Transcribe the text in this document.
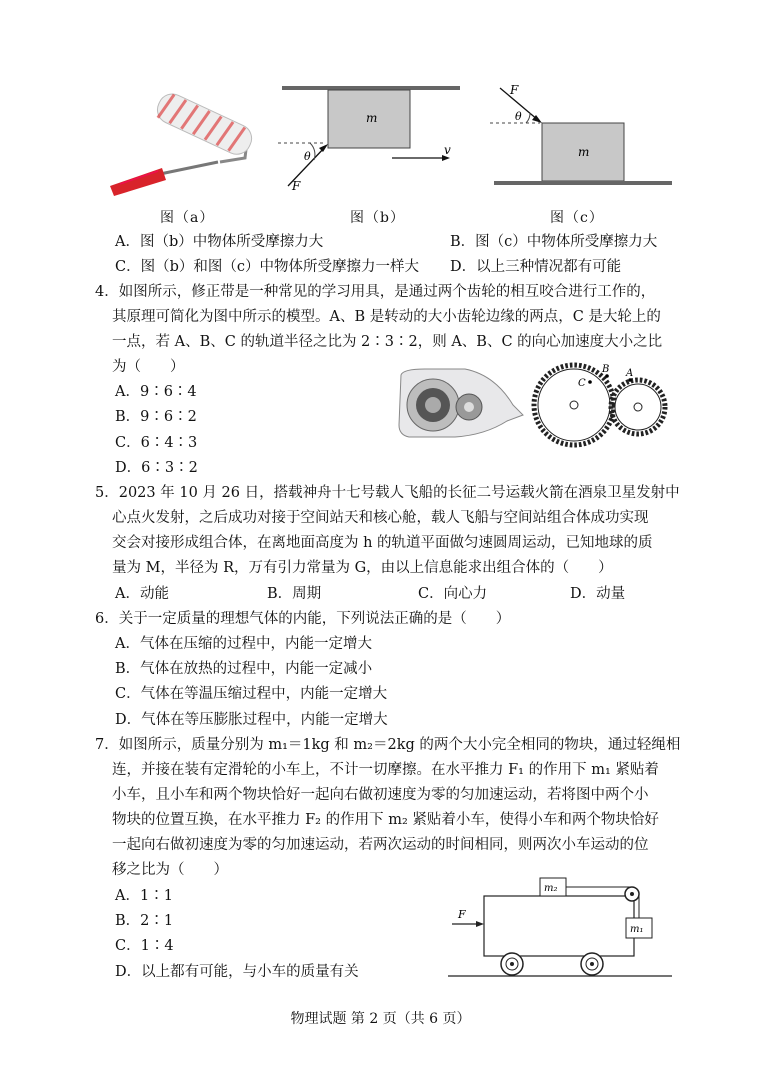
图（a）
m
θ
F
v
图（b）
F
θ
m
图（c）
A．图（b）中物体所受摩擦力大	B．图（c）中物体所受摩擦力大
C．图（b）和图（c）中物体所受摩擦力一样大 D．以上三种情况都有可能
4．如图所示，修正带是一种常见的学习用具，是通过两个齿轮的相互咬合进行工作的，
其原理可简化为图中所示的模型。A、B 是转动的大小齿轮边缘的两点，C 是大轮上的
一点，若 A、B、C 的轨道半径之比为 2∶3∶2，则 A、B、C 的向心加速度大小之比
为（　　）
A．9∶6∶4
B．9∶6∶2
C．6∶4∶3
D．6∶3∶2
C
B A
5．2023 年 10 月 26 日，搭载神舟十七号载人飞船的长征二号运载火箭在酒泉卫星发射中
心点火发射，之后成功对接于空间站天和核心舱，载人飞船与空间站组合体成功实现
交会对接形成组合体，在离地面高度为 h 的轨道平面做匀速圆周运动，已知地球的质
量为 M，半径为 R，万有引力常量为 G，由以上信息能求出组合体的（　　）
A．动能	B．周期	C．向心力	D．动量
6．关于一定质量的理想气体的内能，下列说法正确的是（　　）
A．气体在压缩的过程中，内能一定增大
B．气体在放热的过程中，内能一定减小
C．气体在等温压缩过程中，内能一定增大
D．气体在等压膨胀过程中，内能一定增大
7．如图所示，质量分别为 m₁＝1kg 和 m₂＝2kg 的两个大小完全相同的物块，通过轻绳相
连，并接在装有定滑轮的小车上，不计一切摩擦。在水平推力 F₁ 的作用下 m₁ 紧贴着
小车，且小车和两个物块恰好一起向右做初速度为零的匀加速运动，若将图中两个小
物块的位置互换，在水平推力 F₂ 的作用下 m₂ 紧贴着小车，使得小车和两个物块恰好
一起向右做初速度为零的匀加速运动，若两次运动的时间相同，则两次小车运动的位
移之比为（　　）
A．1∶1
B．2∶1
C．1∶4
D．以上都有可能，与小车的质量有关
m₂
m₁
F
物理试题 第 2 页（共 6 页）
